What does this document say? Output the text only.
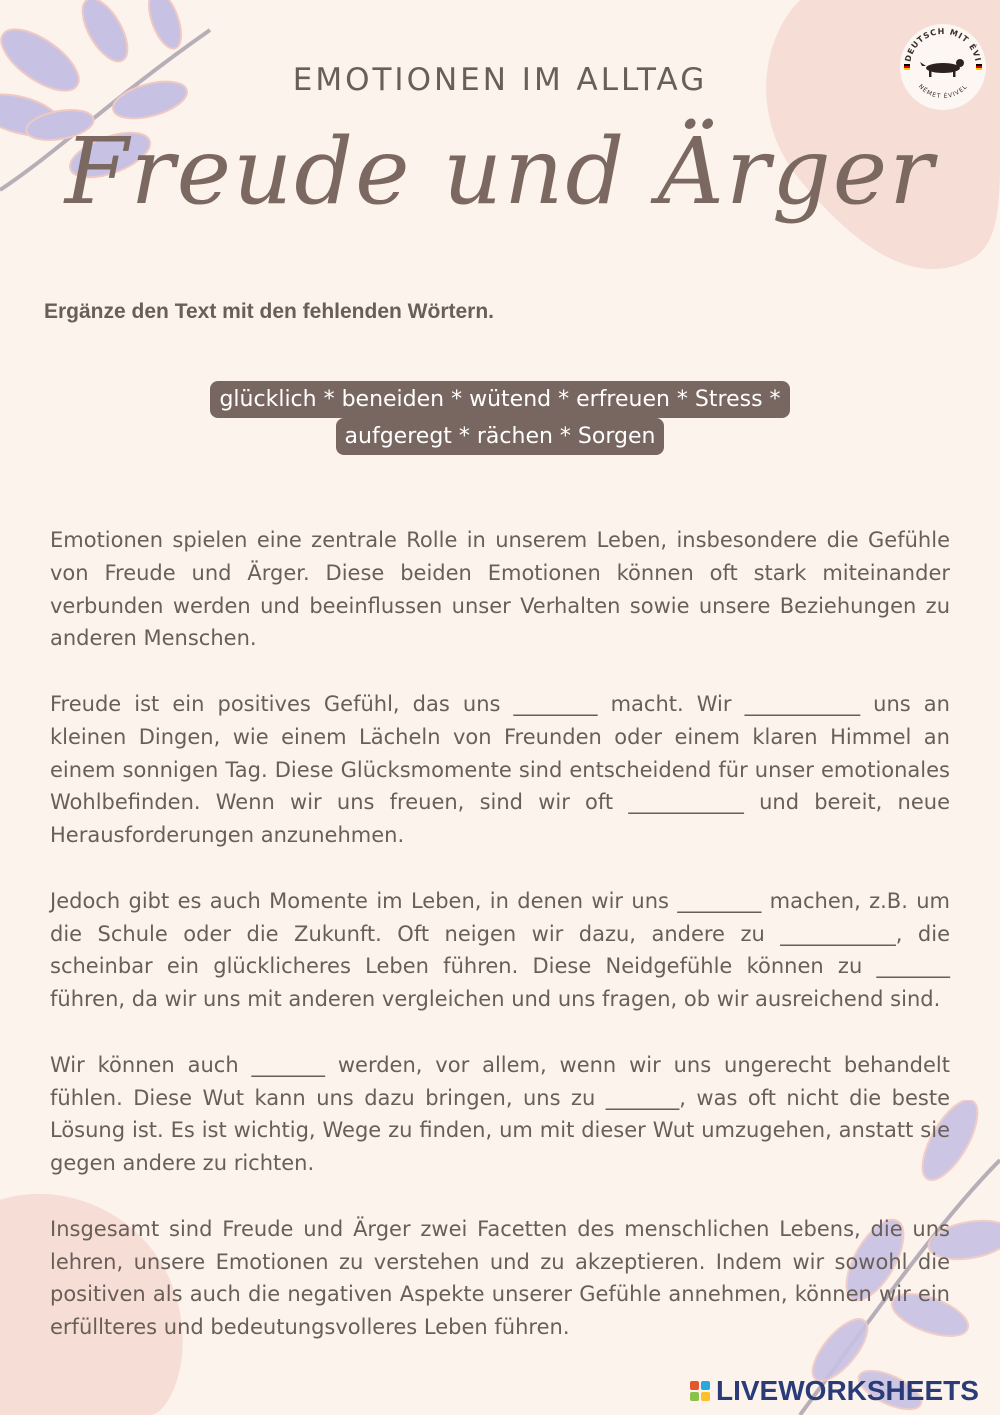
DEUTSCH MIT ÉVI
NÉMET ÉVIVEL
EMOTIONEN IM ALLTAG
Freude und Ärger
Ergänze den Text mit den fehlenden Wörtern.
glücklich * beneiden * wütend * erfreuen * Stress *
aufgeregt * rächen * Sorgen

Emotionen spielen eine zentrale Rolle in unserem Leben, insbesondere die Gefühle von Freude und Ärger. Diese beiden Emotionen können oft stark miteinander verbunden werden und beeinflussen unser Verhalten sowie unsere Beziehungen zu anderen Menschen.

Freude ist ein positives Gefühl, das uns ________ macht. Wir ___________ uns an kleinen Dingen, wie einem Lächeln von Freunden oder einem klaren Himmel an einem sonnigen Tag. Diese Glücksmomente sind entscheidend für unser emotionales Wohlbefinden. Wenn wir uns freuen, sind wir oft ___________ und bereit, neue Herausforderungen anzunehmen.

Jedoch gibt es auch Momente im Leben, in denen wir uns ________ machen, z.B. um die Schule oder die Zukunft. Oft neigen wir dazu, andere zu ___________, die scheinbar ein glücklicheres Leben führen. Diese Neidgefühle können zu _______ führen, da wir uns mit anderen vergleichen und uns fragen, ob wir ausreichend sind.

Wir können auch _______ werden, vor allem, wenn wir uns ungerecht behandelt fühlen. Diese Wut kann uns dazu bringen, uns zu _______, was oft nicht die beste Lösung ist. Es ist wichtig, Wege zu finden, um mit dieser Wut umzugehen, anstatt sie gegen andere zu richten.

Insgesamt sind Freude und Ärger zwei Facetten des menschlichen Lebens, die uns lehren, unsere Emotionen zu verstehen und zu akzeptieren. Indem wir sowohl die positiven als auch die negativen Aspekte unserer Gefühle annehmen, können wir ein erfüllteres und bedeutungsvolleres Leben führen.

LIVEWORKSHEETS
